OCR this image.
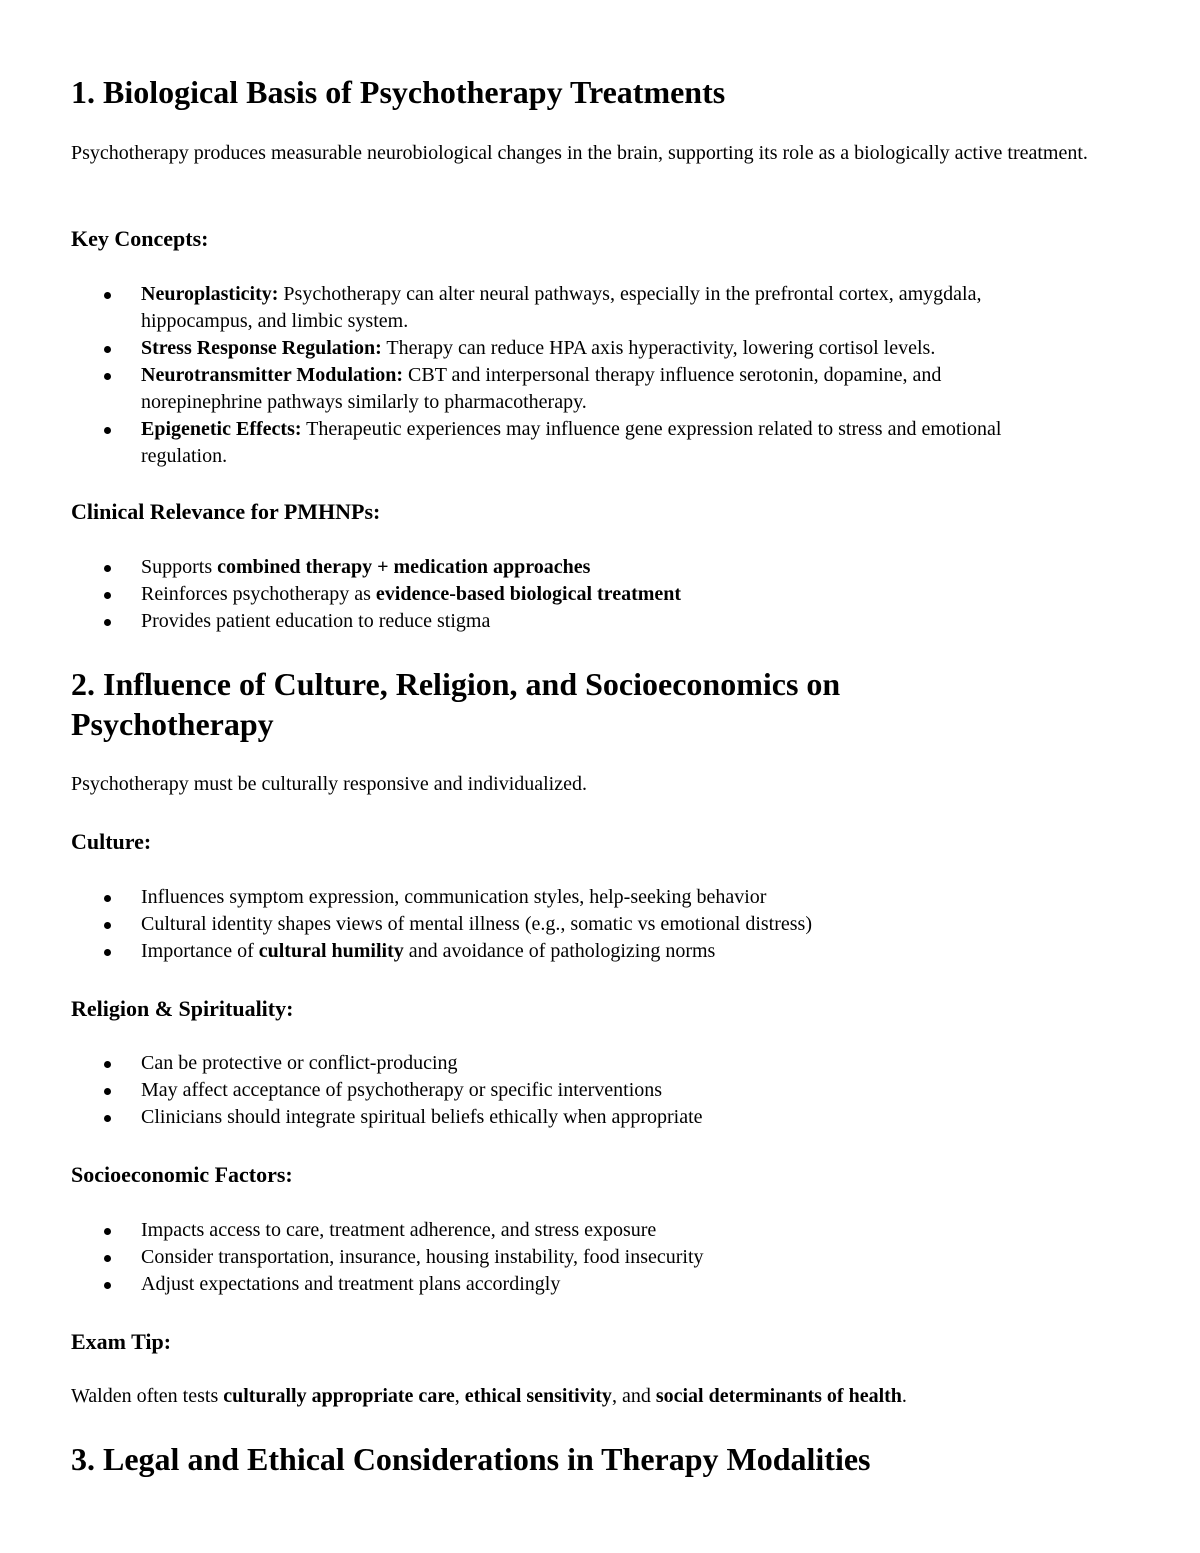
1. Biological Basis of Psychotherapy Treatments

Psychotherapy produces measurable neurobiological changes in the brain, supporting its role as a biologically active treatment.

Key Concepts:
Neuroplasticity: Psychotherapy can alter neural pathways, especially in the prefrontal cortex, amygdala, hippocampus, and limbic system.
Stress Response Regulation: Therapy can reduce HPA axis hyperactivity, lowering cortisol levels.
Neurotransmitter Modulation: CBT and interpersonal therapy influence serotonin, dopamine, and norepinephrine pathways similarly to pharmacotherapy.
Epigenetic Effects: Therapeutic experiences may influence gene expression related to stress and emotional regulation.
Clinical Relevance for PMHNPs:
Supports combined therapy + medication approaches
Reinforces psychotherapy as evidence-based biological treatment
Provides patient education to reduce stigma
2. Influence of Culture, Religion, and Socioeconomics on
Psychotherapy

Psychotherapy must be culturally responsive and individualized.

Culture:
Influences symptom expression, communication styles, help-seeking behavior
Cultural identity shapes views of mental illness (e.g., somatic vs emotional distress)
Importance of cultural humility and avoidance of pathologizing norms
Religion & Spirituality:
Can be protective or conflict-producing
May affect acceptance of psychotherapy or specific interventions
Clinicians should integrate spiritual beliefs ethically when appropriate
Socioeconomic Factors:
Impacts access to care, treatment adherence, and stress exposure
Consider transportation, insurance, housing instability, food insecurity
Adjust expectations and treatment plans accordingly
Exam Tip:

Walden often tests culturally appropriate care, ethical sensitivity, and social determinants of health.

3. Legal and Ethical Considerations in Therapy Modalities
